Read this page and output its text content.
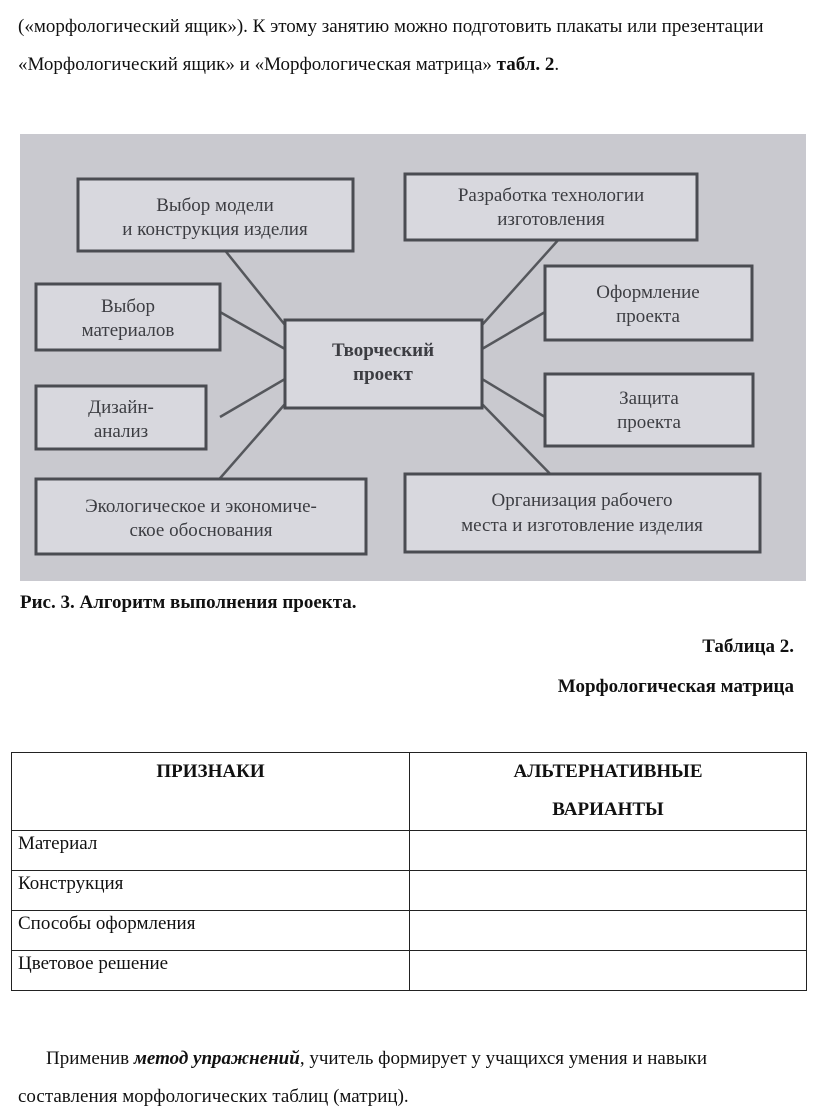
(«морфологический ящик»). К этому занятию можно подготовить плакаты или презентации «Морфологический ящик» и «Морфологическая матрица» табл. 2.
Творческий
проект
Выбор модели
и конструкция изделия
Разработка технологии
изготовления
Выбор
материалов
Оформление
проекта
Дизайн-
анализ
Защита
проекта
Экологическое и экономиче-
ское обоснования
Организация рабочего
места и изготовление изделия
Рис. 3. Алгоритм выполнения проекта.
Таблица 2.
Морфологическая матрица
ПРИЗНАКИ	АЛЬТЕРНАТИВНЫЕ ВАРИАНТЫ
Материал	
Конструкция	
Способы оформления	
Цветовое решение	
Применив метод упражнений, учитель формирует у учащихся умения и навыки составления морфологических таблиц (матриц).
